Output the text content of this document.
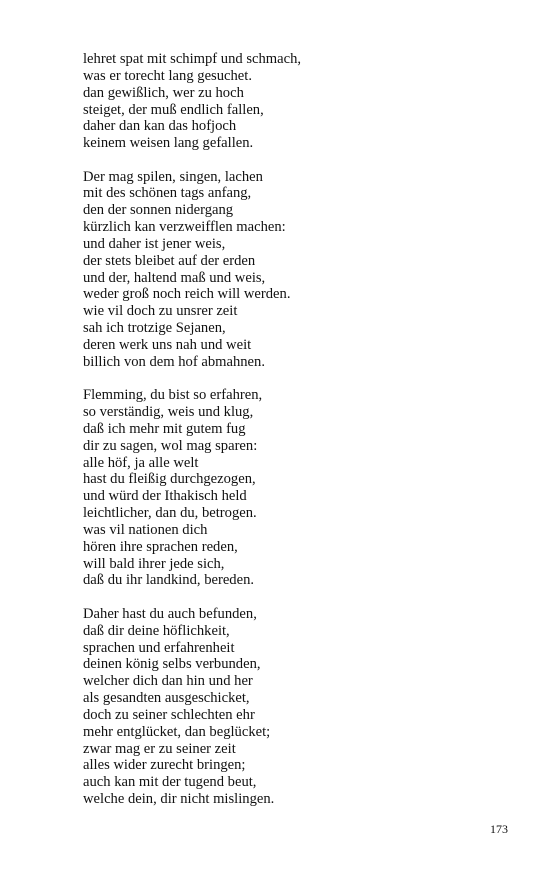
lehret spat mit schimpf und schmach,
was er torecht lang gesuchet.
dan gewißlich, wer zu hoch
steiget, der muß endlich fallen,
daher dan kan das hofjoch
keinem weisen lang gefallen.
Der mag spilen, singen, lachen
mit des schönen tags anfang,
den der sonnen nidergang
kürzlich kan verzweifflen machen:
und daher ist jener weis,
der stets bleibet auf der erden
und der, haltend maß und weis,
weder groß noch reich will werden.
wie vil doch zu unsrer zeit
sah ich trotzige Sejanen,
deren werk uns nah und weit
billich von dem hof abmahnen.
Flemming, du bist so erfahren,
so verständig, weis und klug,
daß ich mehr mit gutem fug
dir zu sagen, wol mag sparen:
alle höf, ja alle welt
hast du fleißig durchgezogen,
und würd der Ithakisch held
leichtlicher, dan du, betrogen.
was vil nationen dich
hören ihre sprachen reden,
will bald ihrer jede sich,
daß du ihr landkind, bereden.
Daher hast du auch befunden,
daß dir deine höflichkeit,
sprachen und erfahrenheit
deinen könig selbs verbunden,
welcher dich dan hin und her
als gesandten ausgeschicket,
doch zu seiner schlechten ehr
mehr entglücket, dan beglücket;
zwar mag er zu seiner zeit
alles wider zurecht bringen;
auch kan mit der tugend beut,
welche dein, dir nicht mislingen.
173
